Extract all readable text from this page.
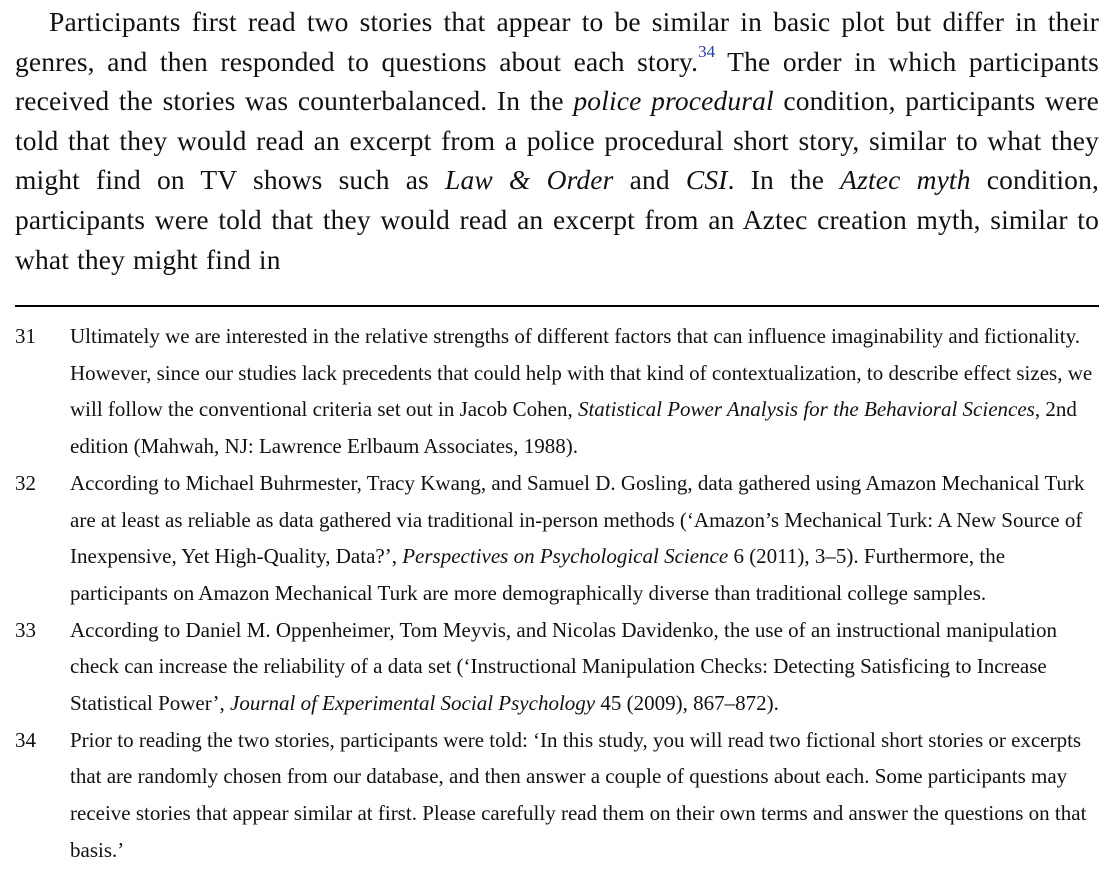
Participants first read two stories that appear to be similar in basic plot but differ in their genres, and then responded to questions about each story.$^{34}$ The order in which participants received the stories was counterbalanced. In the police procedural condition, participants were told that they would read an excerpt from a police procedural short story, similar to what they might find on TV shows such as Law & Order and CSI. In the Aztec myth condition, participants were told that they would read an excerpt from an Aztec creation myth, similar to what they might find in

31	Ultimately we are interested in the relative strengths of different factors that can influence imaginability and fictionality. However, since our studies lack precedents that could help with that kind of contextualization, to describe effect sizes, we will follow the conventional criteria set out in Jacob Cohen, Statistical Power Analysis for the Behavioral Sciences, 2nd edition (Mahwah, NJ: Lawrence Erlbaum Associates, 1988).
32	According to Michael Buhrmester, Tracy Kwang, and Samuel D. Gosling, data gathered using Amazon Mechanical Turk are at least as reliable as data gathered via traditional in-person methods (‘Amazon’s Mechanical Turk: A New Source of Inexpensive, Yet High-Quality, Data?’, Perspectives on Psychological Science 6 (2011), 3–5). Furthermore, the participants on Amazon Mechanical Turk are more demographically diverse than traditional college samples.
33	According to Daniel M. Oppenheimer, Tom Meyvis, and Nicolas Davidenko, the use of an instructional manipulation check can increase the reliability of a data set (‘Instructional Manipulation Checks: Detecting Satisficing to Increase Statistical Power’, Journal of Experimental Social Psychology 45 (2009), 867–872).
34	Prior to reading the two stories, participants were told: ‘In this study, you will read two fictional short stories or excerpts that are randomly chosen from our database, and then answer a couple of questions about each. Some participants may receive stories that appear similar at first. Please carefully read them on their own terms and answer the questions on that basis.’
